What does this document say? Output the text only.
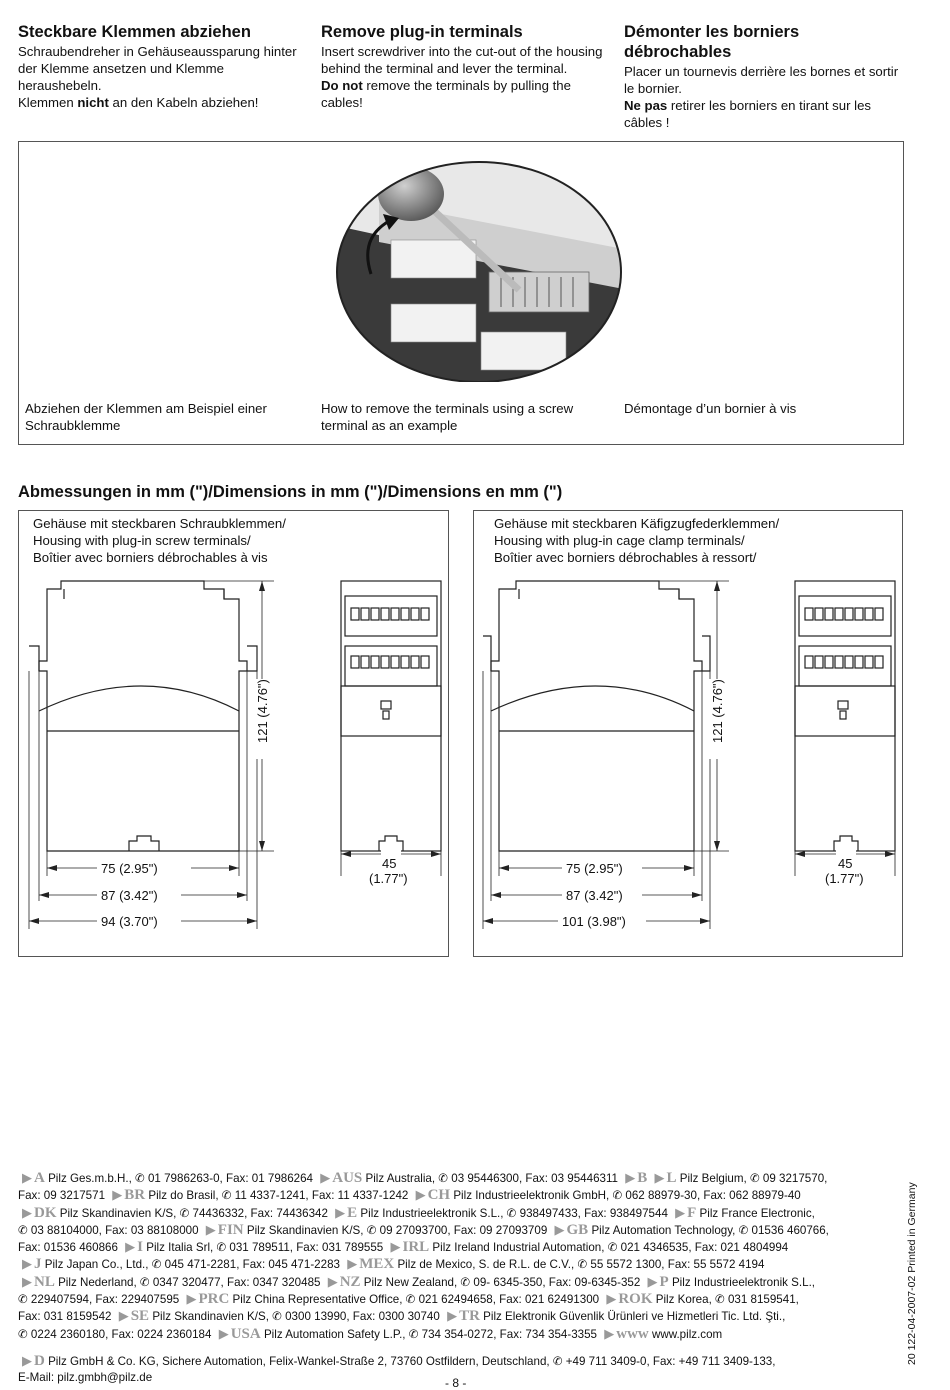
Steckbare Klemmen abziehen

Schraubendreher in Gehäuseaussparung hinter der Klemme ansetzen und Klemme heraushebeln.

Klemmen nicht an den Kabeln abziehen!

Remove plug-in terminals

Insert screwdriver into the cut-out of the housing behind the terminal and lever the terminal.

Do not remove the terminals by pulling the cables!

Démonter les borniers débrochables

Placer un tournevis derrière les bornes et sortir le bornier.

Ne pas retirer les borniers en tirant sur les câbles !

Abziehen der Klemmen am Beispiel einer Schraubklemme
How to remove the terminals using a screw terminal as an example
Démontage d’un bornier à vis
Abmessungen in mm (")/Dimensions in mm (")/Dimensions en mm (")
Gehäuse mit steckbaren Schraubklemmen/
Housing with plug-in screw terminals/
Boîtier avec borniers débrochables à vis
121 (4.76")
75 (2.95")
87 (3.42")
94 (3.70")
45
(1.77")
Gehäuse mit steckbaren Käfigzugfederklemmen/
Housing with plug-in cage clamp terminals/
Boîtier avec borniers débrochables à ressort/
121 (4.76")
75 (2.95")
87 (3.42")
101 (3.98")
45
(1.77")
▶ A Pilz Ges.m.b.H., ✆ 01 7986263-0, Fax: 01 7986264 ▶ AUS Pilz Australia, ✆ 03 95446300, Fax: 03 95446311 ▶ B ▶ L Pilz Belgium, ✆ 09 3217570,
Fax: 09 3217571 ▶ BR Pilz do Brasil, ✆ 11 4337-1241, Fax: 11 4337-1242 ▶ CH Pilz Industrieelektronik GmbH, ✆ 062 88979-30, Fax: 062 88979-40
▶ DK Pilz Skandinavien K/S, ✆ 74436332, Fax: 74436342 ▶ E Pilz Industrieelektronik S.L., ✆ 938497433, Fax: 938497544 ▶ F Pilz France Electronic,
✆ 03 88104000, Fax: 03 88108000 ▶ FIN Pilz Skandinavien K/S, ✆ 09 27093700, Fax: 09 27093709 ▶ GB Pilz Automation Technology, ✆ 01536 460766,
Fax: 01536 460866 ▶ I Pilz Italia Srl, ✆ 031 789511, Fax: 031 789555 ▶ IRL Pilz Ireland Industrial Automation, ✆ 021 4346535, Fax: 021 4804994
▶ J Pilz Japan Co., Ltd., ✆ 045 471-2281, Fax: 045 471-2283 ▶ MEX Pilz de Mexico, S. de R.L. de C.V., ✆ 55 5572 1300, Fax: 55 5572 4194
▶ NL Pilz Nederland, ✆ 0347 320477, Fax: 0347 320485 ▶ NZ Pilz New Zealand, ✆ 09- 6345-350, Fax: 09-6345-352 ▶ P Pilz Industrieelektronik S.L.,
✆ 229407594, Fax: 229407595 ▶ PRC Pilz China Representative Office, ✆ 021 62494658, Fax: 021 62491300 ▶ ROK Pilz Korea, ✆ 031 8159541,
Fax: 031 8159542 ▶ SE Pilz Skandinavien K/S, ✆ 0300 13990, Fax: 0300 30740 ▶ TR Pilz Elektronik Güvenlik Ürünleri ve Hizmetleri Tic. Ltd. Şti.,
✆ 0224 2360180, Fax: 0224 2360184 ▶ USA Pilz Automation Safety L.P., ✆ 734 354-0272, Fax: 734 354-3355 ▶ www www.pilz.com
▶ D Pilz GmbH & Co. KG, Sichere Automation, Felix-Wankel-Straße 2, 73760 Ostfildern, Deutschland, ✆ +49 711 3409-0, Fax: +49 711 3409-133,
E-Mail: pilz.gmbh@pilz.de	- 8 -
20 122-04-2007-02 Printed in Germany
